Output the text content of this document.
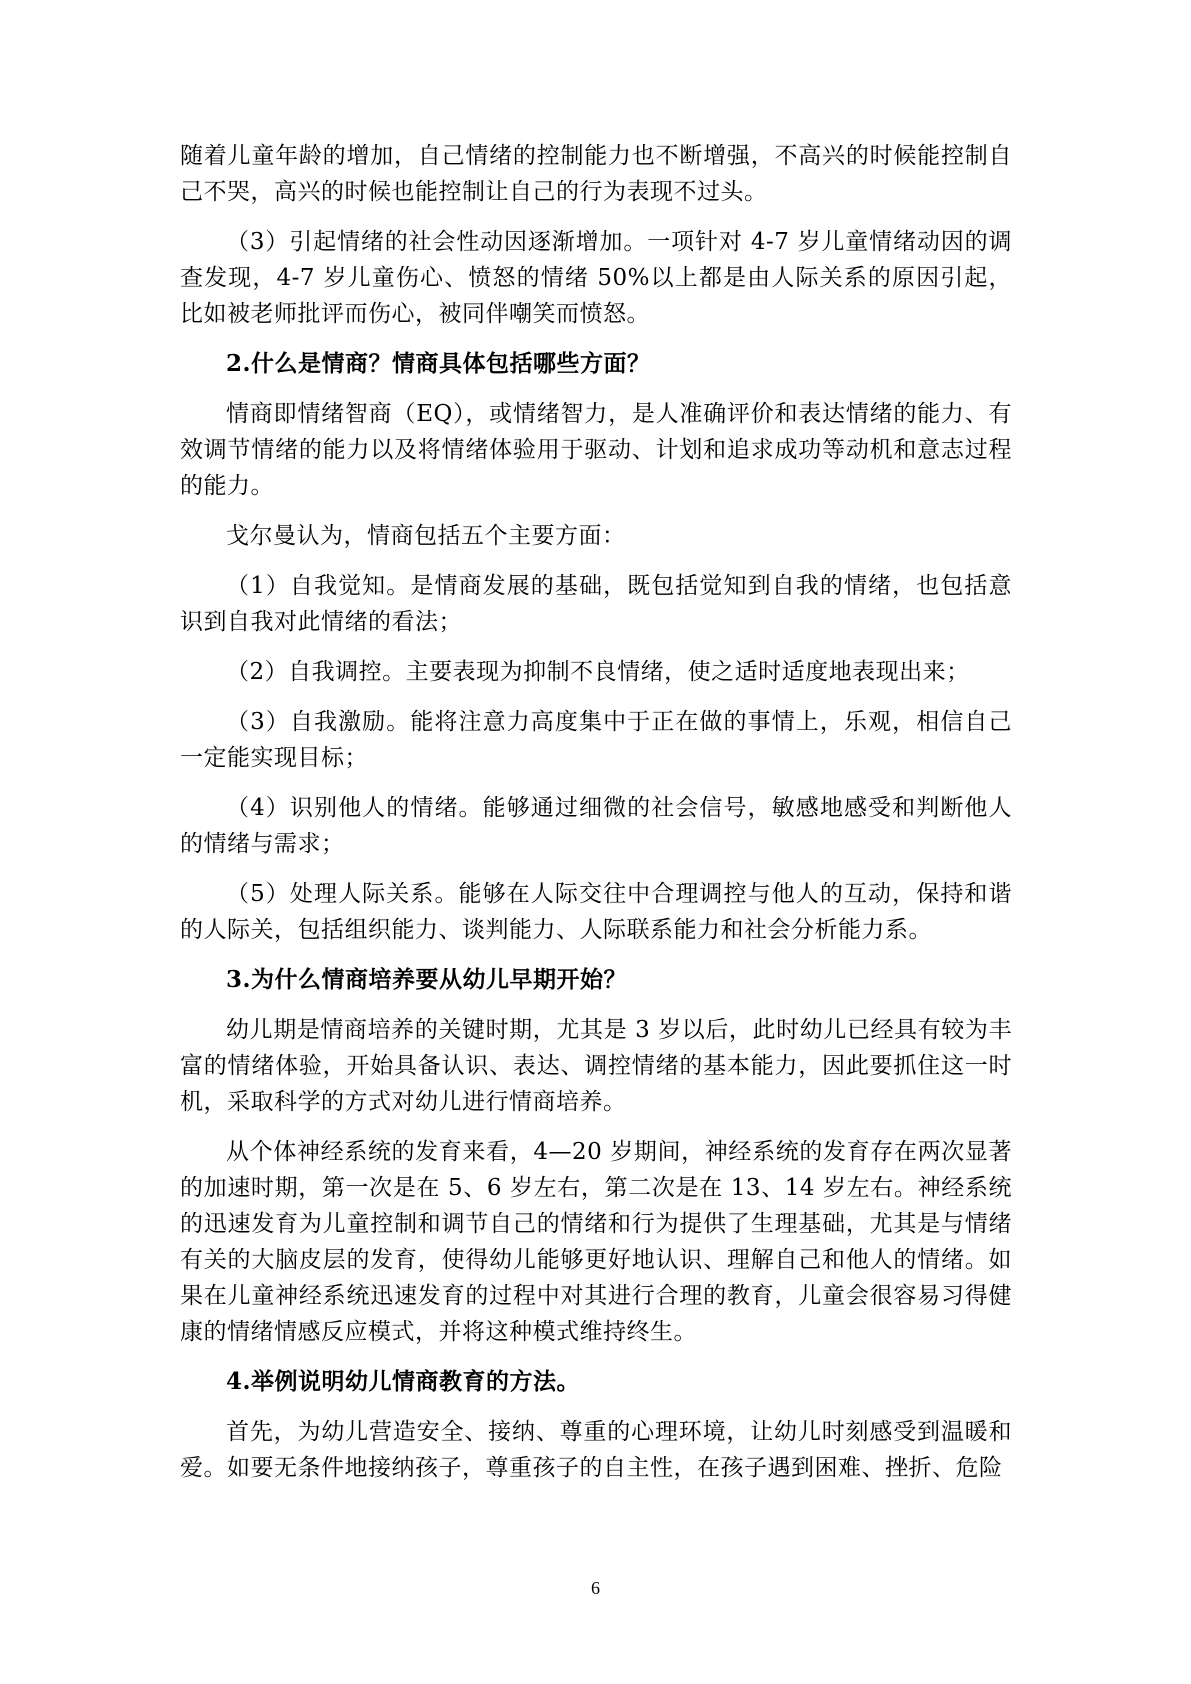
随着儿童年龄的增加，自己情绪的控制能力也不断增强，不高兴的时候能控制自己不哭，高兴的时候也能控制让自己的行为表现不过头。

（3）引起情绪的社会性动因逐渐增加。一项针对 4-7 岁儿童情绪动因的调查发现，4-7 岁儿童伤心、愤怒的情绪 50%以上都是由人际关系的原因引起，比如被老师批评而伤心，被同伴嘲笑而愤怒。

2.什么是情商？情商具体包括哪些方面？

情商即情绪智商（EQ），或情绪智力，是人准确评价和表达情绪的能力、有效调节情绪的能力以及将情绪体验用于驱动、计划和追求成功等动机和意志过程的能力。

戈尔曼认为，情商包括五个主要方面：

（1）自我觉知。是情商发展的基础，既包括觉知到自我的情绪，也包括意识到自我对此情绪的看法；

（2）自我调控。主要表现为抑制不良情绪，使之适时适度地表现出来；

（3）自我激励。能将注意力高度集中于正在做的事情上，乐观，相信自己一定能实现目标；

（4）识别他人的情绪。能够通过细微的社会信号，敏感地感受和判断他人的情绪与需求；

（5）处理人际关系。能够在人际交往中合理调控与他人的互动，保持和谐的人际关，包括组织能力、谈判能力、人际联系能力和社会分析能力系。

3.为什么情商培养要从幼儿早期开始？

幼儿期是情商培养的关键时期，尤其是 3 岁以后，此时幼儿已经具有较为丰富的情绪体验，开始具备认识、表达、调控情绪的基本能力，因此要抓住这一时机，采取科学的方式对幼儿进行情商培养。

从个体神经系统的发育来看，4—20 岁期间，神经系统的发育存在两次显著的加速时期，第一次是在 5、6 岁左右，第二次是在 13、14 岁左右。神经系统的迅速发育为儿童控制和调节自己的情绪和行为提供了生理基础，尤其是与情绪有关的大脑皮层的发育，使得幼儿能够更好地认识、理解自己和他人的情绪。如果在儿童神经系统迅速发育的过程中对其进行合理的教育，儿童会很容易习得健康的情绪情感反应模式，并将这种模式维持终生。

4.举例说明幼儿情商教育的方法。

首先，为幼儿营造安全、接纳、尊重的心理环境，让幼儿时刻感受到温暖和爱。如要无条件地接纳孩子，尊重孩子的自主性，在孩子遇到困难、挫折、危险

6
